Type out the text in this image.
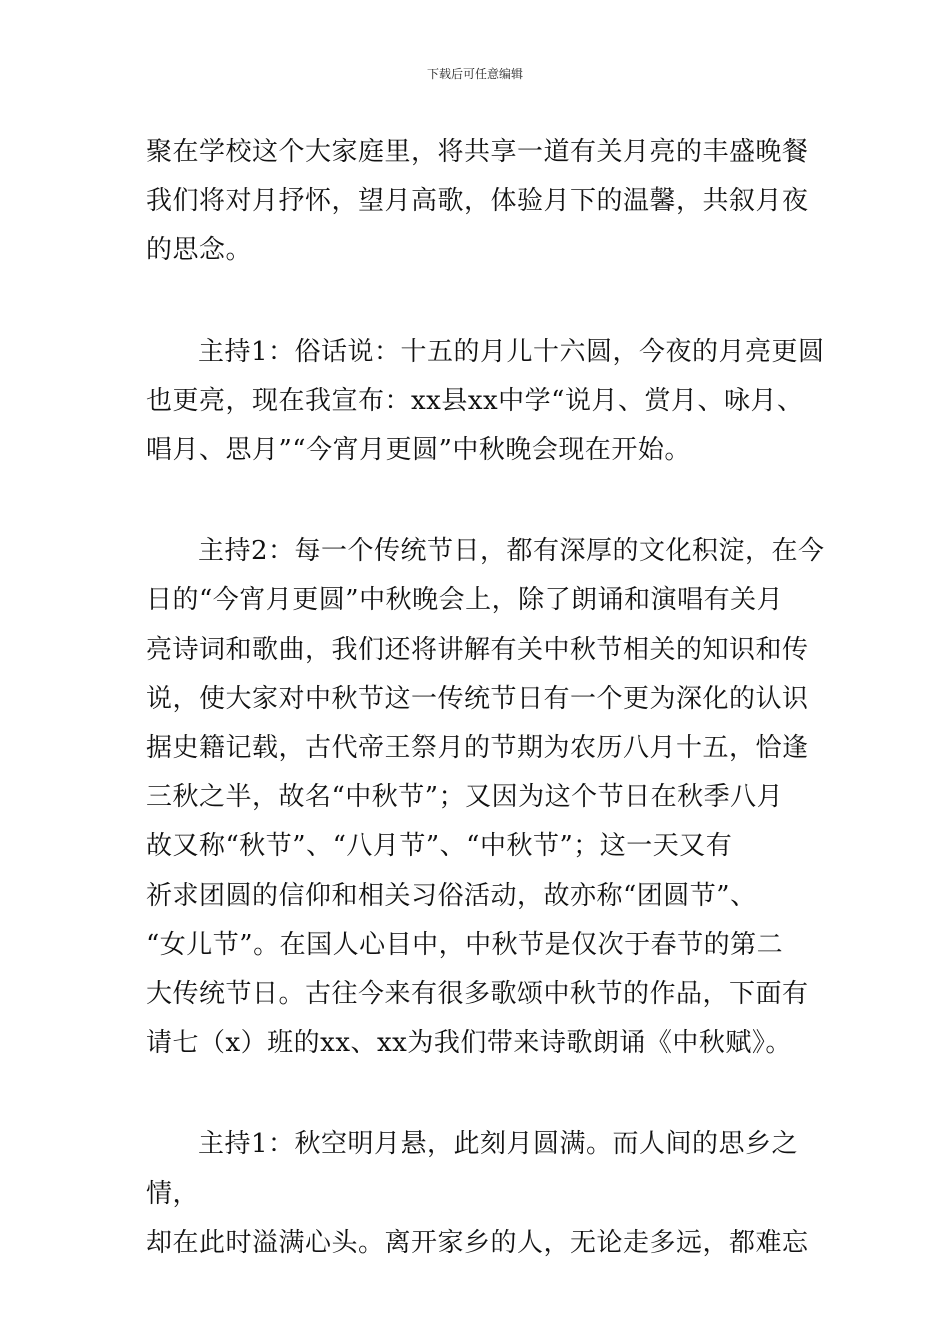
下载后可任意编辑

聚在学校这个大家庭里，将共享一道有关月亮的丰盛晚餐
我们将对月抒怀，望月高歌，体验月下的温馨，共叙月夜
的思念。

主持1：俗话说：十五的月儿十六圆，今夜的月亮更圆
也更亮，现在我宣布：xx县xx中学“说月、赏月、咏月、
唱月、思月”“今宵月更圆”中秋晚会现在开始。

主持2：每一个传统节日，都有深厚的文化积淀，在今
日的“今宵月更圆”中秋晚会上，除了朗诵和演唱有关月
亮诗词和歌曲，我们还将讲解有关中秋节相关的知识和传
说，使大家对中秋节这一传统节日有一个更为深化的认识
据史籍记载，古代帝王祭月的节期为农历八月十五，恰逢
三秋之半，故名“中秋节”；又因为这个节日在秋季八月
故又称“秋节”、“八月节”、“中秋节”；这一天又有
祈求团圆的信仰和相关习俗活动，故亦称“团圆节”、
“女儿节”。在国人心目中，中秋节是仅次于春节的第二
大传统节日。古往今来有很多歌颂中秋节的作品，下面有
请七（x）班的xx、xx为我们带来诗歌朗诵《中秋赋》。

主持1：秋空明月悬，此刻月圆满。而人间的思乡之情，
却在此时溢满心头。离开家乡的人，无论走多远，都难忘
